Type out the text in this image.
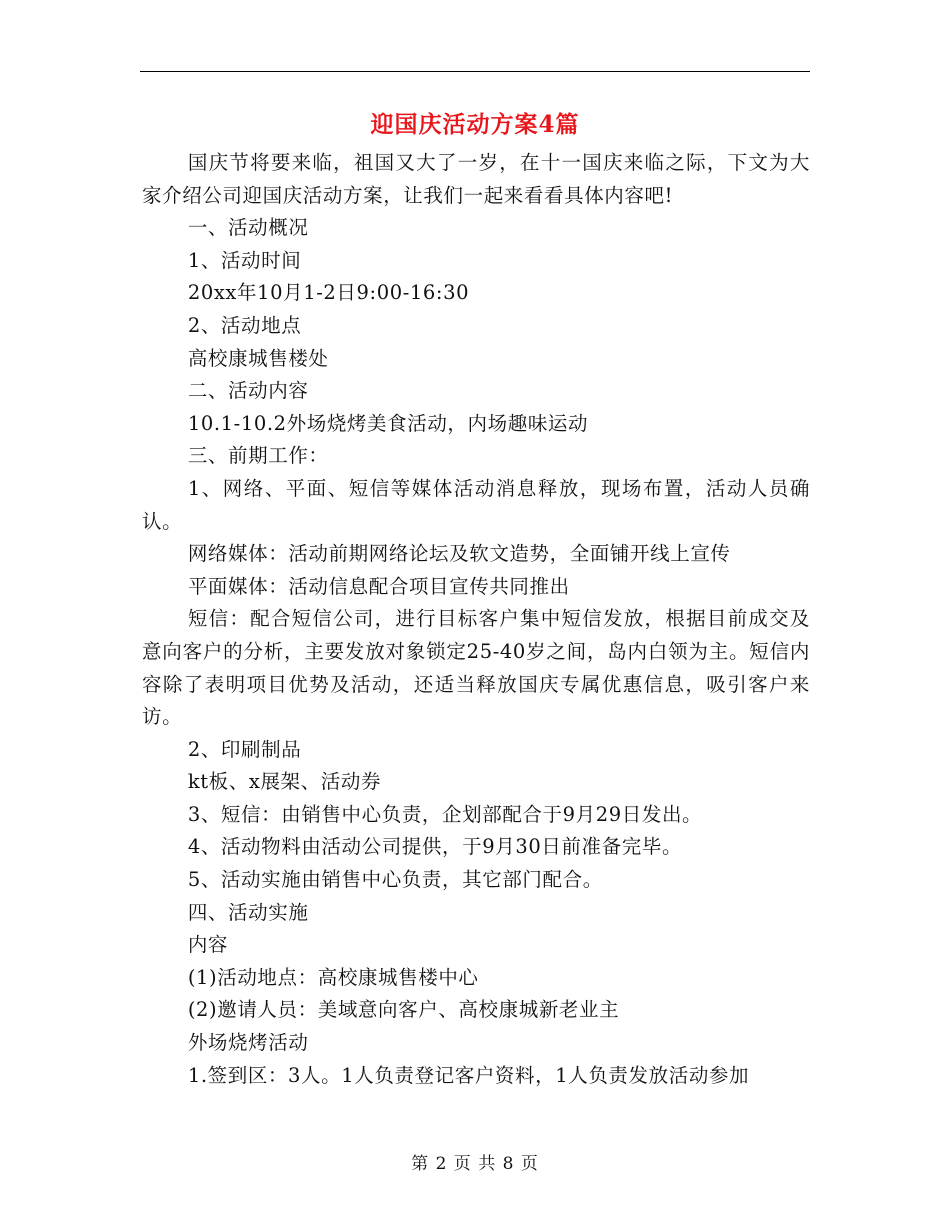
迎国庆活动方案4篇

国庆节将要来临，祖国又大了一岁，在十一国庆来临之际，下文为大家介绍公司迎国庆活动方案，让我们一起来看看具体内容吧!

一、活动概况

1、活动时间

20xx年10月1-2日9:00-16:30

2、活动地点

高校康城售楼处

二、活动内容

10.1-10.2外场烧烤美食活动，内场趣味运动

三、前期工作：

1、网络、平面、短信等媒体活动消息释放，现场布置，活动人员确认。

网络媒体：活动前期网络论坛及软文造势，全面铺开线上宣传

平面媒体：活动信息配合项目宣传共同推出

短信：配合短信公司，进行目标客户集中短信发放，根据目前成交及意向客户的分析，主要发放对象锁定25-40岁之间，岛内白领为主。短信内容除了表明项目优势及活动，还适当释放国庆专属优惠信息，吸引客户来访。

2、印刷制品

kt板、x展架、活动券

3、短信：由销售中心负责，企划部配合于9月29日发出。

4、活动物料由活动公司提供，于9月30日前准备完毕。

5、活动实施由销售中心负责，其它部门配合。

四、活动实施

内容

(1)活动地点：高校康城售楼中心

(2)邀请人员：美域意向客户、高校康城新老业主

外场烧烤活动

1.签到区：3人。1人负责登记客户资料，1人负责发放活动参加

第 2 页 共 8 页
